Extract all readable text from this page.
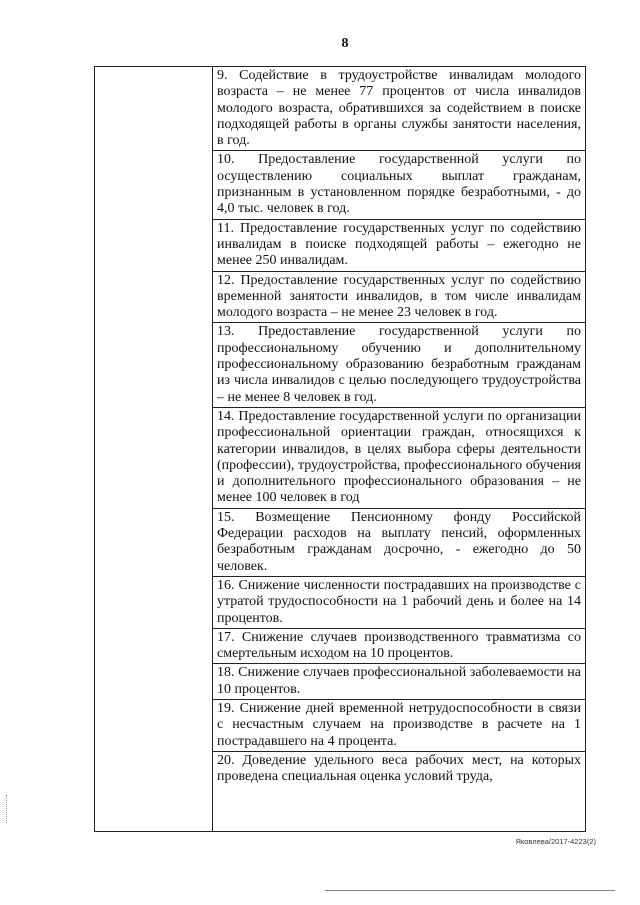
8
9. Содействие в трудоустройстве инвалидам молодого возраста – не менее 77 процентов от числа инвалидов молодого возраста, обратившихся за содействием в поиске подходящей работы в органы службы занятости населения, в год.
10. Предоставление государственной услуги по осуществлению социальных выплат гражданам, признанным в установленном порядке безработными, - до 4,0 тыс. человек в год.
11. Предоставление государственных услуг по содействию инвалидам в поиске подходящей работы – ежегодно не менее 250 инвалидам.
12. Предоставление государственных услуг по содействию временной занятости инвалидов, в том числе инвалидам молодого возраста – не менее 23 человек в год.
13. Предоставление государственной услуги по профессиональному обучению и дополнительному профессиональному образованию безработным гражданам из числа инвалидов с целью последующего трудоустройства – не менее 8 человек в год.
14. Предоставление государственной услуги по организации профессиональной ориентации граждан, относящихся к категории инвалидов, в целях выбора сферы деятельности (профессии), трудоустройства, профессионального обучения и дополнительного профессионального образования – не менее 100 человек в год
15. Возмещение Пенсионному фонду Российской Федерации расходов на выплату пенсий, оформленных безработным гражданам досрочно, - ежегодно до 50 человек.
16. Снижение численности пострадавших на производстве с утратой трудоспособности на 1 рабочий день и более на 14 процентов.
17. Снижение случаев производственного травматизма со смертельным исходом на 10 процентов.
18. Снижение случаев профессиональной заболеваемости на 10 процентов.
19. Снижение дней временной нетрудоспособности в связи с несчастным случаем на производстве в расчете на 1 пострадавшего на 4 процента.
20. Доведение удельного веса рабочих мест, на которых проведена специальная оценка условий труда,
Яковлева/2017-4223(2)
